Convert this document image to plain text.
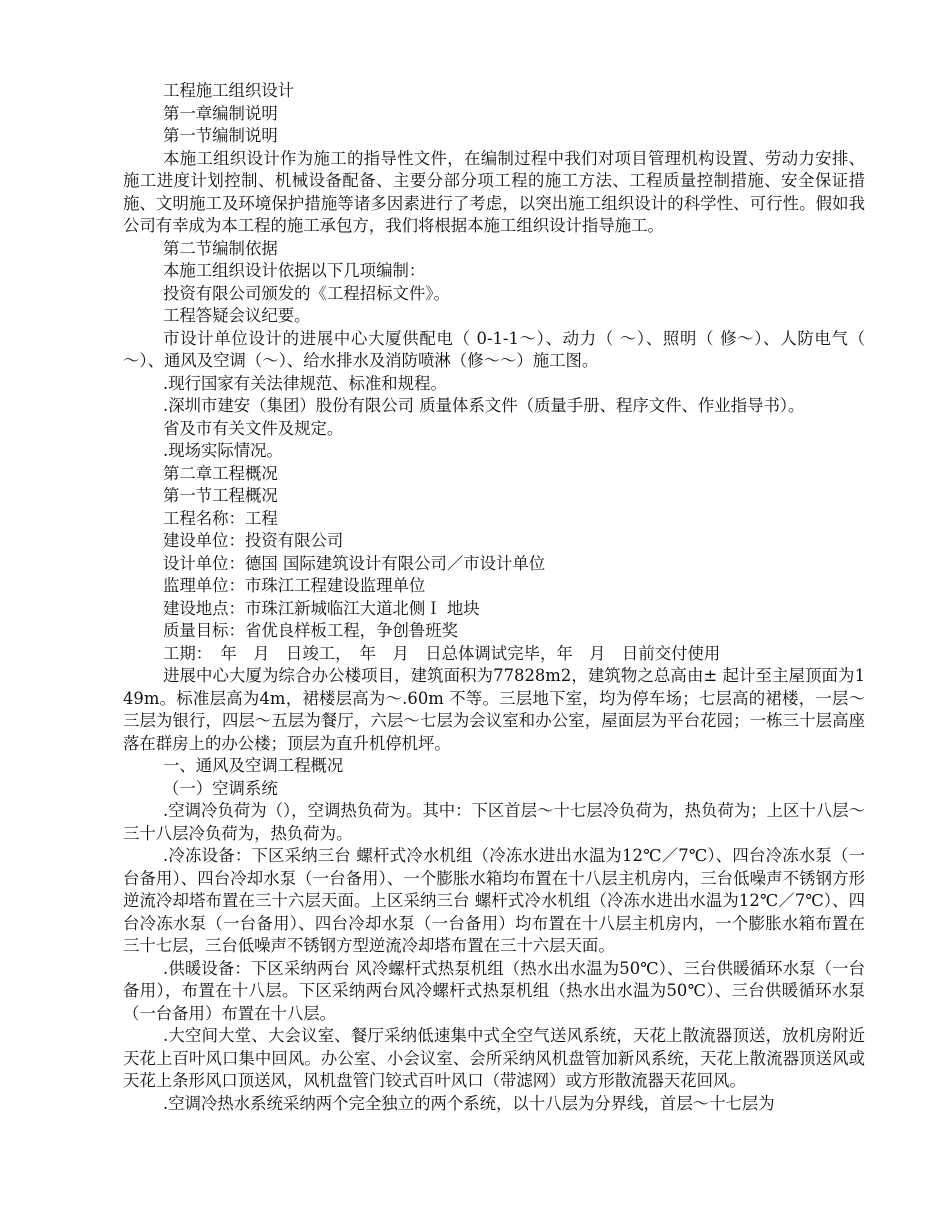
工程施工组织设计

第一章编制说明

第一节编制说明

本施工组织设计作为施工的指导性文件，在编制过程中我们对项目管理机构设置、劳动力安排、施工进度计划控制、机械设备配备、主要分部分项工程的施工方法、工程质量控制措施、安全保证措施、文明施工及环境保护措施等诸多因素进行了考虑，以突出施工组织设计的科学性、可行性。假如我公司有幸成为本工程的施工承包方，我们将根据本施工组织设计指导施工。

第二节编制依据

本施工组织设计依据以下几项编制：

投资有限公司颁发的《工程招标文件》。

工程答疑会议纪要。

市设计单位设计的进展中心大厦供配电（ 0-1-1～）、动力（ ～）、照明（ 修～）、人防电气（ ～）、通风及空调（～）、给水排水及消防喷淋（修～～）施工图。

.现行国家有关法律规范、标准和规程。

.深圳市建安（集团）股份有限公司 质量体系文件（质量手册、程序文件、作业指导书）。

省及市有关文件及规定。

.现场实际情况。

第二章工程概况

第一节工程概况

工程名称：工程

建设单位：投资有限公司

设计单位：德国 国际建筑设计有限公司／市设计单位

监理单位：市珠江工程建设监理单位

建设地点：市珠江新城临江大道北侧Ｉ 地块

质量目标：省优良样板工程，争创鲁班奖

工期：　年　月　日竣工，　年　月　日总体调试完毕，年　月　日前交付使用

进展中心大厦为综合办公楼项目，建筑面积为77828m2，建筑物之总高由± 起计至主屋顶面为149m。标准层高为4m，裙楼层高为～.60m 不等。三层地下室，均为停车场；七层高的裙楼，一层～三层为银行，四层～五层为餐厅，六层～七层为会议室和办公室，屋面层为平台花园；一栋三十层高座落在群房上的办公楼；顶层为直升机停机坪。

一、通风及空调工程概况

（一）空调系统

.空调冷负荷为（），空调热负荷为。其中：下区首层～十七层冷负荷为，热负荷为；上区十八层～三十八层冷负荷为，热负荷为。

.冷冻设备：下区采纳三台 螺杆式冷水机组（冷冻水进出水温为12℃／7℃）、四台冷冻水泵（一台备用）、四台冷却水泵（一台备用）、一个膨胀水箱均布置在十八层主机房内，三台低噪声不锈钢方形逆流冷却塔布置在三十六层天面。上区采纳三台 螺杆式冷水机组（冷冻水进出水温为12℃／7℃）、四台冷冻水泵（一台备用）、四台冷却水泵（一台备用）均布置在十八层主机房内，一个膨胀水箱布置在三十七层，三台低噪声不锈钢方型逆流冷却塔布置在三十六层天面。

.供暖设备：下区采纳两台 风冷螺杆式热泵机组（热水出水温为50℃）、三台供暖循环水泵（一台备用），布置在十八层。下区采纳两台风冷螺杆式热泵机组（热水出水温为50℃）、三台供暖循环水泵（一台备用）布置在十八层。

.大空间大堂、大会议室、餐厅采纳低速集中式全空气送风系统，天花上散流器顶送，放机房附近天花上百叶风口集中回风。办公室、小会议室、会所采纳风机盘管加新风系统，天花上散流器顶送风或天花上条形风口顶送风，风机盘管门铰式百叶风口（带滤网）或方形散流器天花回风。

.空调冷热水系统采纳两个完全独立的两个系统，以十八层为分界线，首层～十七层为
